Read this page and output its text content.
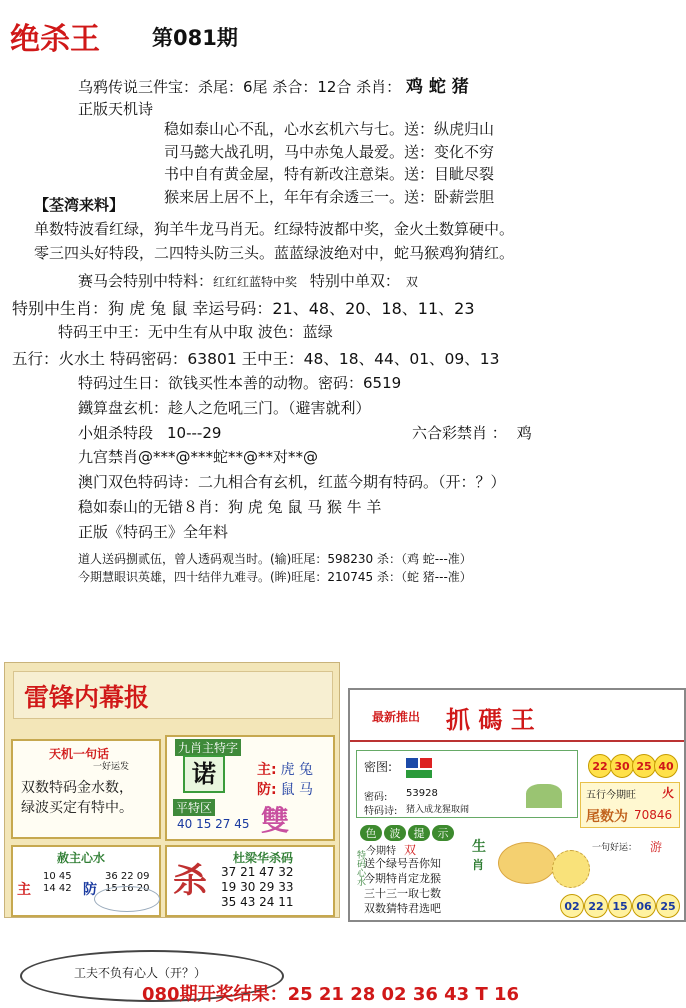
绝杀王 第081期
乌鸦传说三件宝：杀尾：6尾 杀合：12合 杀肖： 鸡 蛇 猪
正版天机诗
稳如泰山心不乱，心水玄机六与七。送：纵虎归山
司马懿大战孔明，马中赤兔人最爱。送：变化不穷
书中自有黄金屋，特有新改注意柒。送：目眦尽裂
猴来居上居不上，年年有余透三一。送：卧薪尝胆
【荃湾来料】
单数特波看红绿，狗羊牛龙马肖无。红绿特波都中奖，金火土数算硬中。
零三四头好特段，二四特头防三头。蓝蓝绿波绝对中，蛇马猴鸡狗猜红。
赛马会特别中特料：红红红蓝特中奖 特别中单双： 双
特别中生肖：狗 虎 兔 鼠 幸运号码：21、48、20、18、11、23
特码王中王：无中生有从中取 波色：蓝绿
五行：火水土 特码密码：63801 王中王：48、18、44、01、09、13
特码过生日：欲钱买性本善的动物。密码：6519
鐵算盘玄机：趁人之危吼三门。（避害就利）
小姐杀特段 10---29	六合彩禁肖 ： 鸡
九宫禁肖@***@***蛇**@**对**@
澳门双色特码诗：二九相合有玄机，红蓝今期有特码。（开：？）
稳如泰山的无错８肖：狗 虎 兔 鼠 马 猴 牛 羊
正版《特码王》全年料
道人送码捌贰伍，曾人透码观当时。(输)旺尾：598230 杀：（鸡 蛇---准）
今期慧眼识英雄，四十结伴九难寻。(眸)旺尾：210745 杀：（蛇 猪---准）
雷锋内幕报
天机一句话
一好运发
双数特码金水数，
绿波买定有特中。
九肖主特字
诺	主: 虎 兔
防: 鼠 马
平特区
40 15 27 45 雙
赦主心水
主
10 45
14 42 防
36 22 09
15 16 20 杀
杜梁华杀码
37 21 47 32
19 30 29 33
35 43 24 11
最新推出 抓 碼 王
密图:
密码: 53928
特码诗: 猪入成龙猩取闹
22 30 25 40
五行今期旺 火
尾数为 70846
色 波 提 示
今期特 双	生
肖
特码心水 送个绿号吾你知
今期特肖定龙猴
三十三一取七数
双数猜特君选吧
一句好运： 游
02 22 15 06 25
工夫不负有心人（开？）
080期开奖结果：25 21 28 02 36 43 T 16
